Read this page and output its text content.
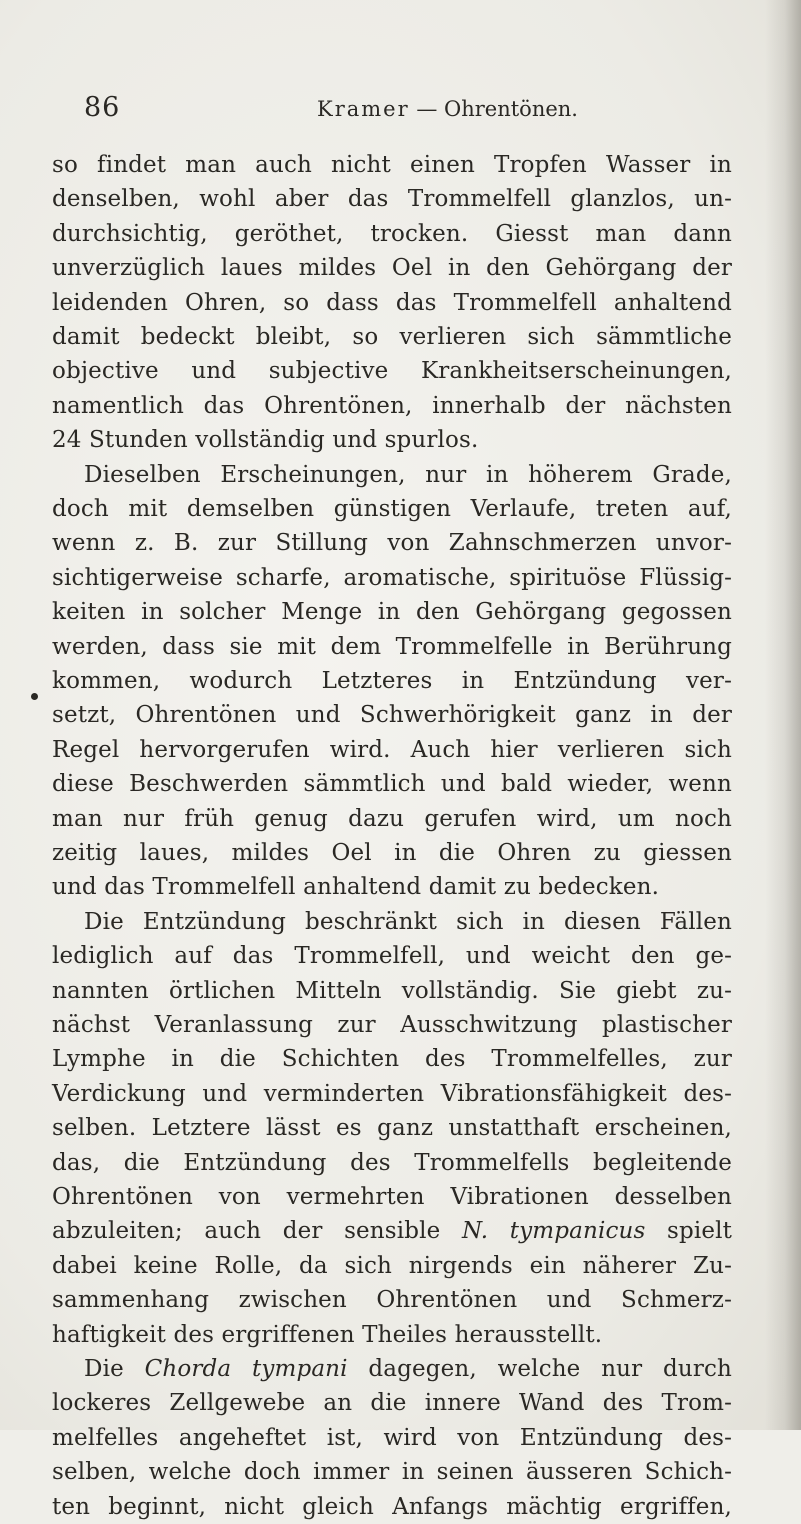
86	Kramer — Ohrentönen.
so findet man auch nicht einen Tropfen Wasser in
denselben, wohl aber das Trommelfell glanzlos, un-
durchsichtig, geröthet, trocken. Giesst man dann
unverzüglich laues mildes Oel in den Gehörgang der
leidenden Ohren, so dass das Trommelfell anhaltend
damit bedeckt bleibt, so verlieren sich sämmtliche
objective und subjective Krankheitserscheinungen,
namentlich das Ohrentönen, innerhalb der nächsten
24 Stunden vollständig und spurlos.
Dieselben Erscheinungen, nur in höherem Grade,
doch mit demselben günstigen Verlaufe, treten auf,
wenn z. B. zur Stillung von Zahnschmerzen unvor-
sichtigerweise scharfe, aromatische, spirituöse Flüssig-
keiten in solcher Menge in den Gehörgang gegossen
werden, dass sie mit dem Trommelfelle in Berührung
kommen, wodurch Letzteres in Entzündung ver-
setzt, Ohrentönen und Schwerhörigkeit ganz in der
Regel hervorgerufen wird. Auch hier verlieren sich
diese Beschwerden sämmtlich und bald wieder, wenn
man nur früh genug dazu gerufen wird, um noch
zeitig laues, mildes Oel in die Ohren zu giessen
und das Trommelfell anhaltend damit zu bedecken.
Die Entzündung beschränkt sich in diesen Fällen
lediglich auf das Trommelfell, und weicht den ge-
nannten örtlichen Mitteln vollständig. Sie giebt zu-
nächst Veranlassung zur Ausschwitzung plastischer
Lymphe in die Schichten des Trommelfelles, zur
Verdickung und verminderten Vibrationsfähigkeit des-
selben. Letztere lässt es ganz unstatthaft erscheinen,
das, die Entzündung des Trommelfells begleitende
Ohrentönen von vermehrten Vibrationen desselben
abzuleiten; auch der sensible N. tympanicus spielt
dabei keine Rolle, da sich nirgends ein näherer Zu-
sammenhang zwischen Ohrentönen und Schmerz-
haftigkeit des ergriffenen Theiles herausstellt.
Die Chorda tympani dagegen, welche nur durch
lockeres Zellgewebe an die innere Wand des Trom-
melfelles angeheftet ist, wird von Entzündung des-
selben, welche doch immer in seinen äusseren Schich-
ten beginnt, nicht gleich Anfangs mächtig ergriffen,
